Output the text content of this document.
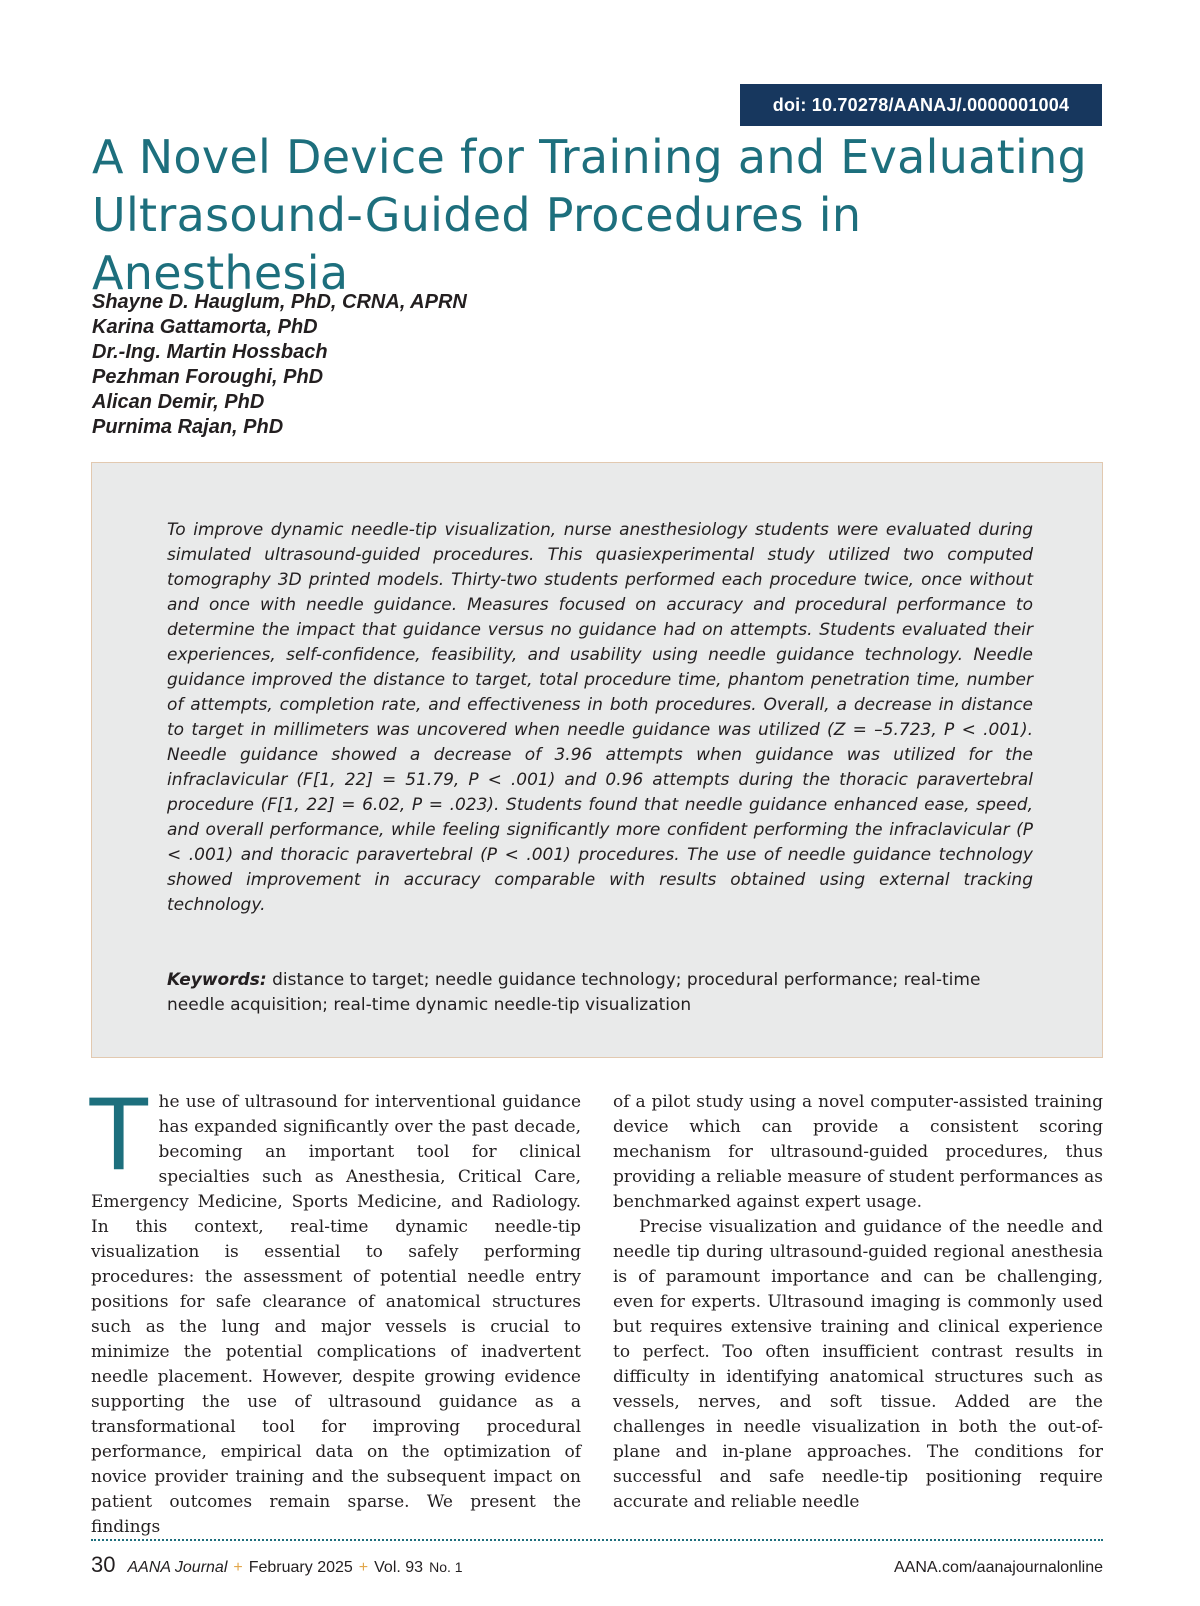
doi: 10.70278/AANAJ/.0000001004
A Novel Device for Training and Evaluating Ultrasound-Guided Procedures in Anesthesia
Shayne D. Hauglum, PhD, CRNA, APRN
Karina Gattamorta, PhD
Dr.-Ing. Martin Hossbach
Pezhman Foroughi, PhD
Alican Demir, PhD
Purnima Rajan, PhD

To improve dynamic needle-tip visualization, nurse anesthesiology students were evaluated during simulated ultrasound-guided procedures. This quasiexperimental study utilized two computed tomography 3D printed models. Thirty-two students performed each procedure twice, once without and once with needle guidance. Measures focused on accuracy and procedural performance to determine the impact that guidance versus no guidance had on attempts. Students evaluated their experiences, self-confidence, feasibility, and usability using needle guidance technology. Needle guidance improved the distance to target, total procedure time, phantom penetration time, number of attempts, completion rate, and effectiveness in both procedures. Overall, a decrease in distance to target in millimeters was uncovered when needle guidance was utilized (Z = –5.723, P < .001). Needle guidance showed a decrease of 3.96 attempts when guidance was utilized for the infraclavicular (F[1, 22] = 51.79, P < .001) and 0.96 attempts during the thoracic paravertebral procedure (F[1, 22] = 6.02, P = .023). Students found that needle guidance enhanced ease, speed, and overall performance, while feeling significantly more confident performing the infraclavicular (P < .001) and thoracic paravertebral (P < .001) procedures. The use of needle guidance technology showed improvement in accuracy comparable with results obtained using external tracking technology.

Keywords: distance to target; needle guidance technology; procedural performance; real-time needle acquisition; real-time dynamic needle-tip visualization

The use of ultrasound for interventional guidance has expanded significantly over the past decade, becoming an important tool for clinical specialties such as Anesthesia, Critical Care, Emergency Medicine, Sports Medicine, and Radiology. In this context, real-time dynamic needle-tip visualization is essential to safely performing procedures: the assessment of potential needle entry positions for safe clearance of anatomical structures such as the lung and major vessels is crucial to minimize the potential complications of inadvertent needle placement. However, despite growing evidence supporting the use of ultrasound guidance as a transformational tool for improving procedural performance, empirical data on the optimization of novice provider training and the subsequent impact on patient outcomes remain sparse. We present the findings

of a pilot study using a novel computer-assisted training device which can provide a consistent scoring mechanism for ultrasound-guided procedures, thus providing a reliable measure of student performances as benchmarked against expert usage.

Precise visualization and guidance of the needle and needle tip during ultrasound-guided regional anesthesia is of paramount importance and can be challenging, even for experts. Ultrasound imaging is commonly used but requires extensive training and clinical experience to perfect. Too often insufficient contrast results in difficulty in identifying anatomical structures such as vessels, nerves, and soft tissue. Added are the challenges in needle visualization in both the out-of-plane and in-plane approaches. The conditions for successful and safe needle-tip positioning require accurate and reliable needle

30 AANA Journal + February 2025 + Vol. 93 No. 1	AANA.com/aanajournalonline
